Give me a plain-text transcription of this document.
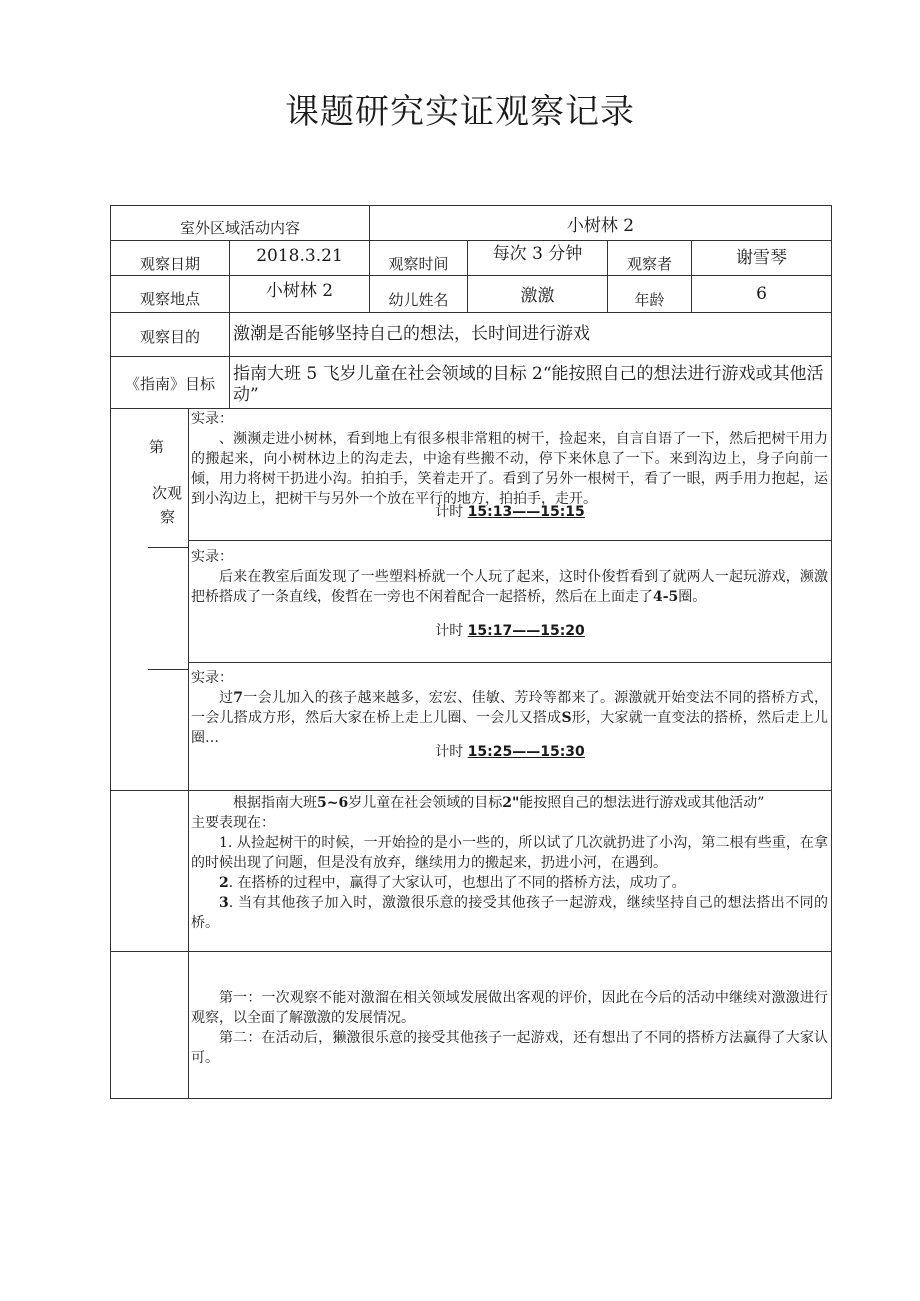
课题研究实证观察记录
室外区域活动内容	小树林 2
观察日期	2018.3.21	观察时间	每次 3 分钟	观察者	谢雪琴
观察地点	小树林 2	幼儿姓名	激激	年龄	6
观察目的	激潮是否能够坚持自己的想法，长时间进行游戏
《指南》目标	指南大班 5 飞岁儿童在社会领域的目标 2“能按照自己的想法进行游戏或其他活动”
第
次观
察

实录：

、濒濒走进小树林，看到地上有很多根非常粗的树干，捡起来，自言自语了一下，然后把树干用力的搬起来，向小树林边上的沟走去，中途有些搬不动，停下来休息了一下。来到沟边上，身子向前一倾，用力将树干扔进小沟。拍拍手，笑着走开了。看到了另外一根树干，看了一眼，两手用力抱起，运到小沟边上，把树干与另外一个放在平行的地方，拍拍手，走开。

计时 15:13——15:15

实录：

后来在教室后面发现了一些塑料桥就一个人玩了起来，这时仆俊哲看到了就两人一起玩游戏，濒激把桥搭成了一条直线，俊哲在一旁也不闲着配合一起搭桥，然后在上面走了4-5圈。

计时 15:17——15:20

实录：

过7一会儿加入的孩子越来越多，宏宏、佳敏、芳玲等都来了。源激就开始变法不同的搭桥方式，一会儿搭成方形，然后大家在桥上走上儿圈、一会儿又搭成S形，大家就一直变法的搭桥，然后走上儿圈…

计时 15:25——15:30

根据指南大班5~6岁儿童在社会领域的目标2"能按照自己的想法进行游戏或其他活动”

主要表现在：

1. 从捡起树干的时候，一开始捡的是小一些的，所以试了几次就扔进了小沟，第二根有些重，在拿的时候出现了问题，但是没有放弃，继续用力的搬起来，扔进小河，在遇到。

2. 在搭桥的过程中，赢得了大家认可，也想出了不同的搭桥方法，成功了。

3. 当有其他孩子加入时，激激很乐意的接受其他孩子一起游戏，继续坚持自己的想法搭出不同的桥。

第一：一次观察不能对激溜在相关领域发展做出客观的评价，因此在今后的活动中继续对激激进行观察，以全面了解激激的发展情况。

第二：在活动后，獭激很乐意的接受其他孩子一起游戏，还有想出了不同的搭桥方法赢得了大家认可。
